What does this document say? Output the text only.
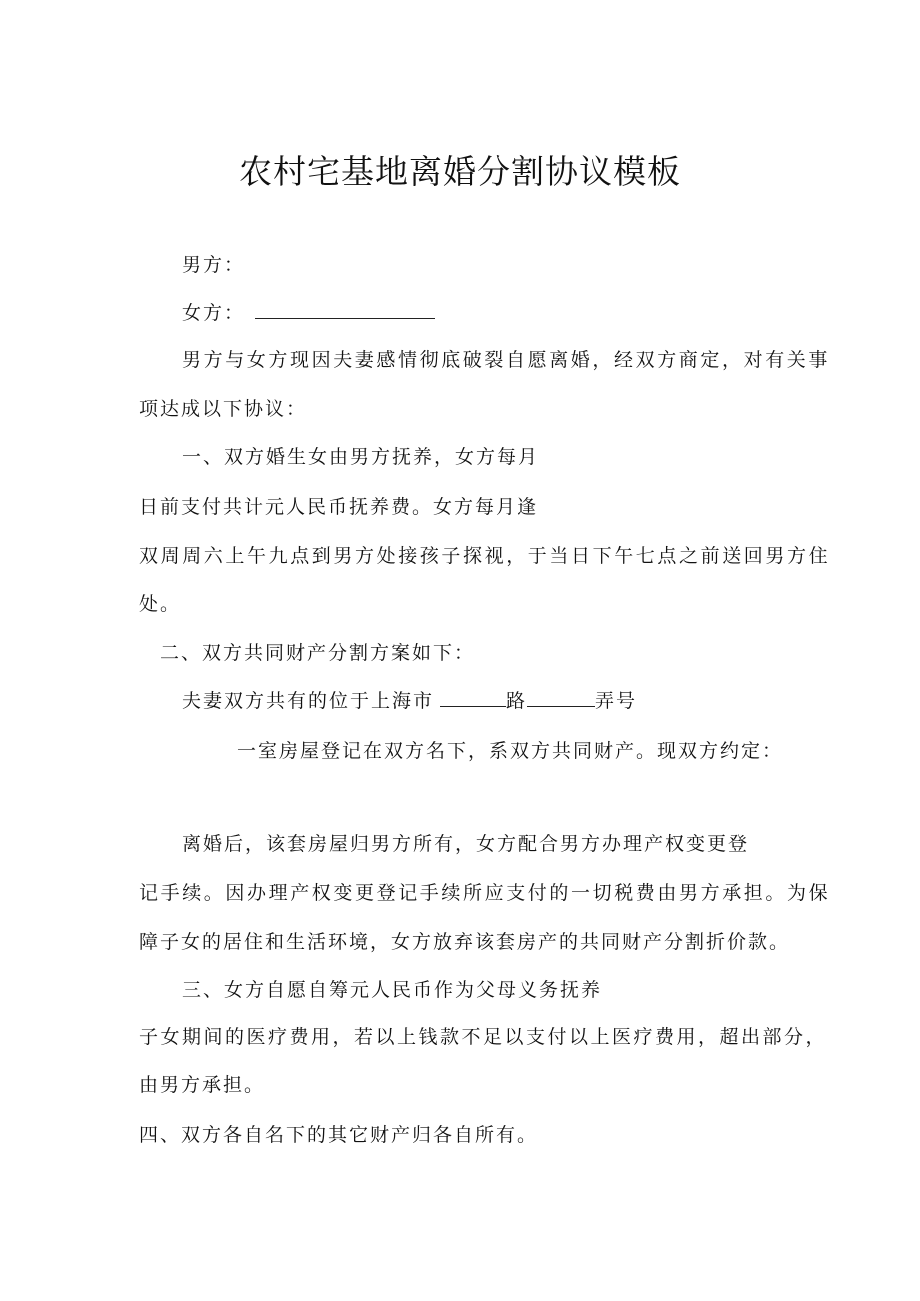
农村宅基地离婚分割协议模板
男方：
女方：
男方与女方现因夫妻感情彻底破裂自愿离婚，经双方商定，对有关事
项达成以下协议：
一、双方婚生女由男方抚养，女方每月
日前支付共计元人民币抚养费。女方每月逢
双周周六上午九点到男方处接孩子探视，于当日下午七点之前送回男方住
处。
二、双方共同财产分割方案如下：
夫妻双方共有的位于上海市	路	弄号
一室房屋登记在双方名下，系双方共同财产。现双方约定：
离婚后，该套房屋归男方所有，女方配合男方办理产权变更登
记手续。因办理产权变更登记手续所应支付的一切税费由男方承担。为保
障子女的居住和生活环境，女方放弃该套房产的共同财产分割折价款。
三、女方自愿自筹元人民币作为父母义务抚养
子女期间的医疗费用，若以上钱款不足以支付以上医疗费用，超出部分，
由男方承担。
四、双方各自名下的其它财产归各自所有。
